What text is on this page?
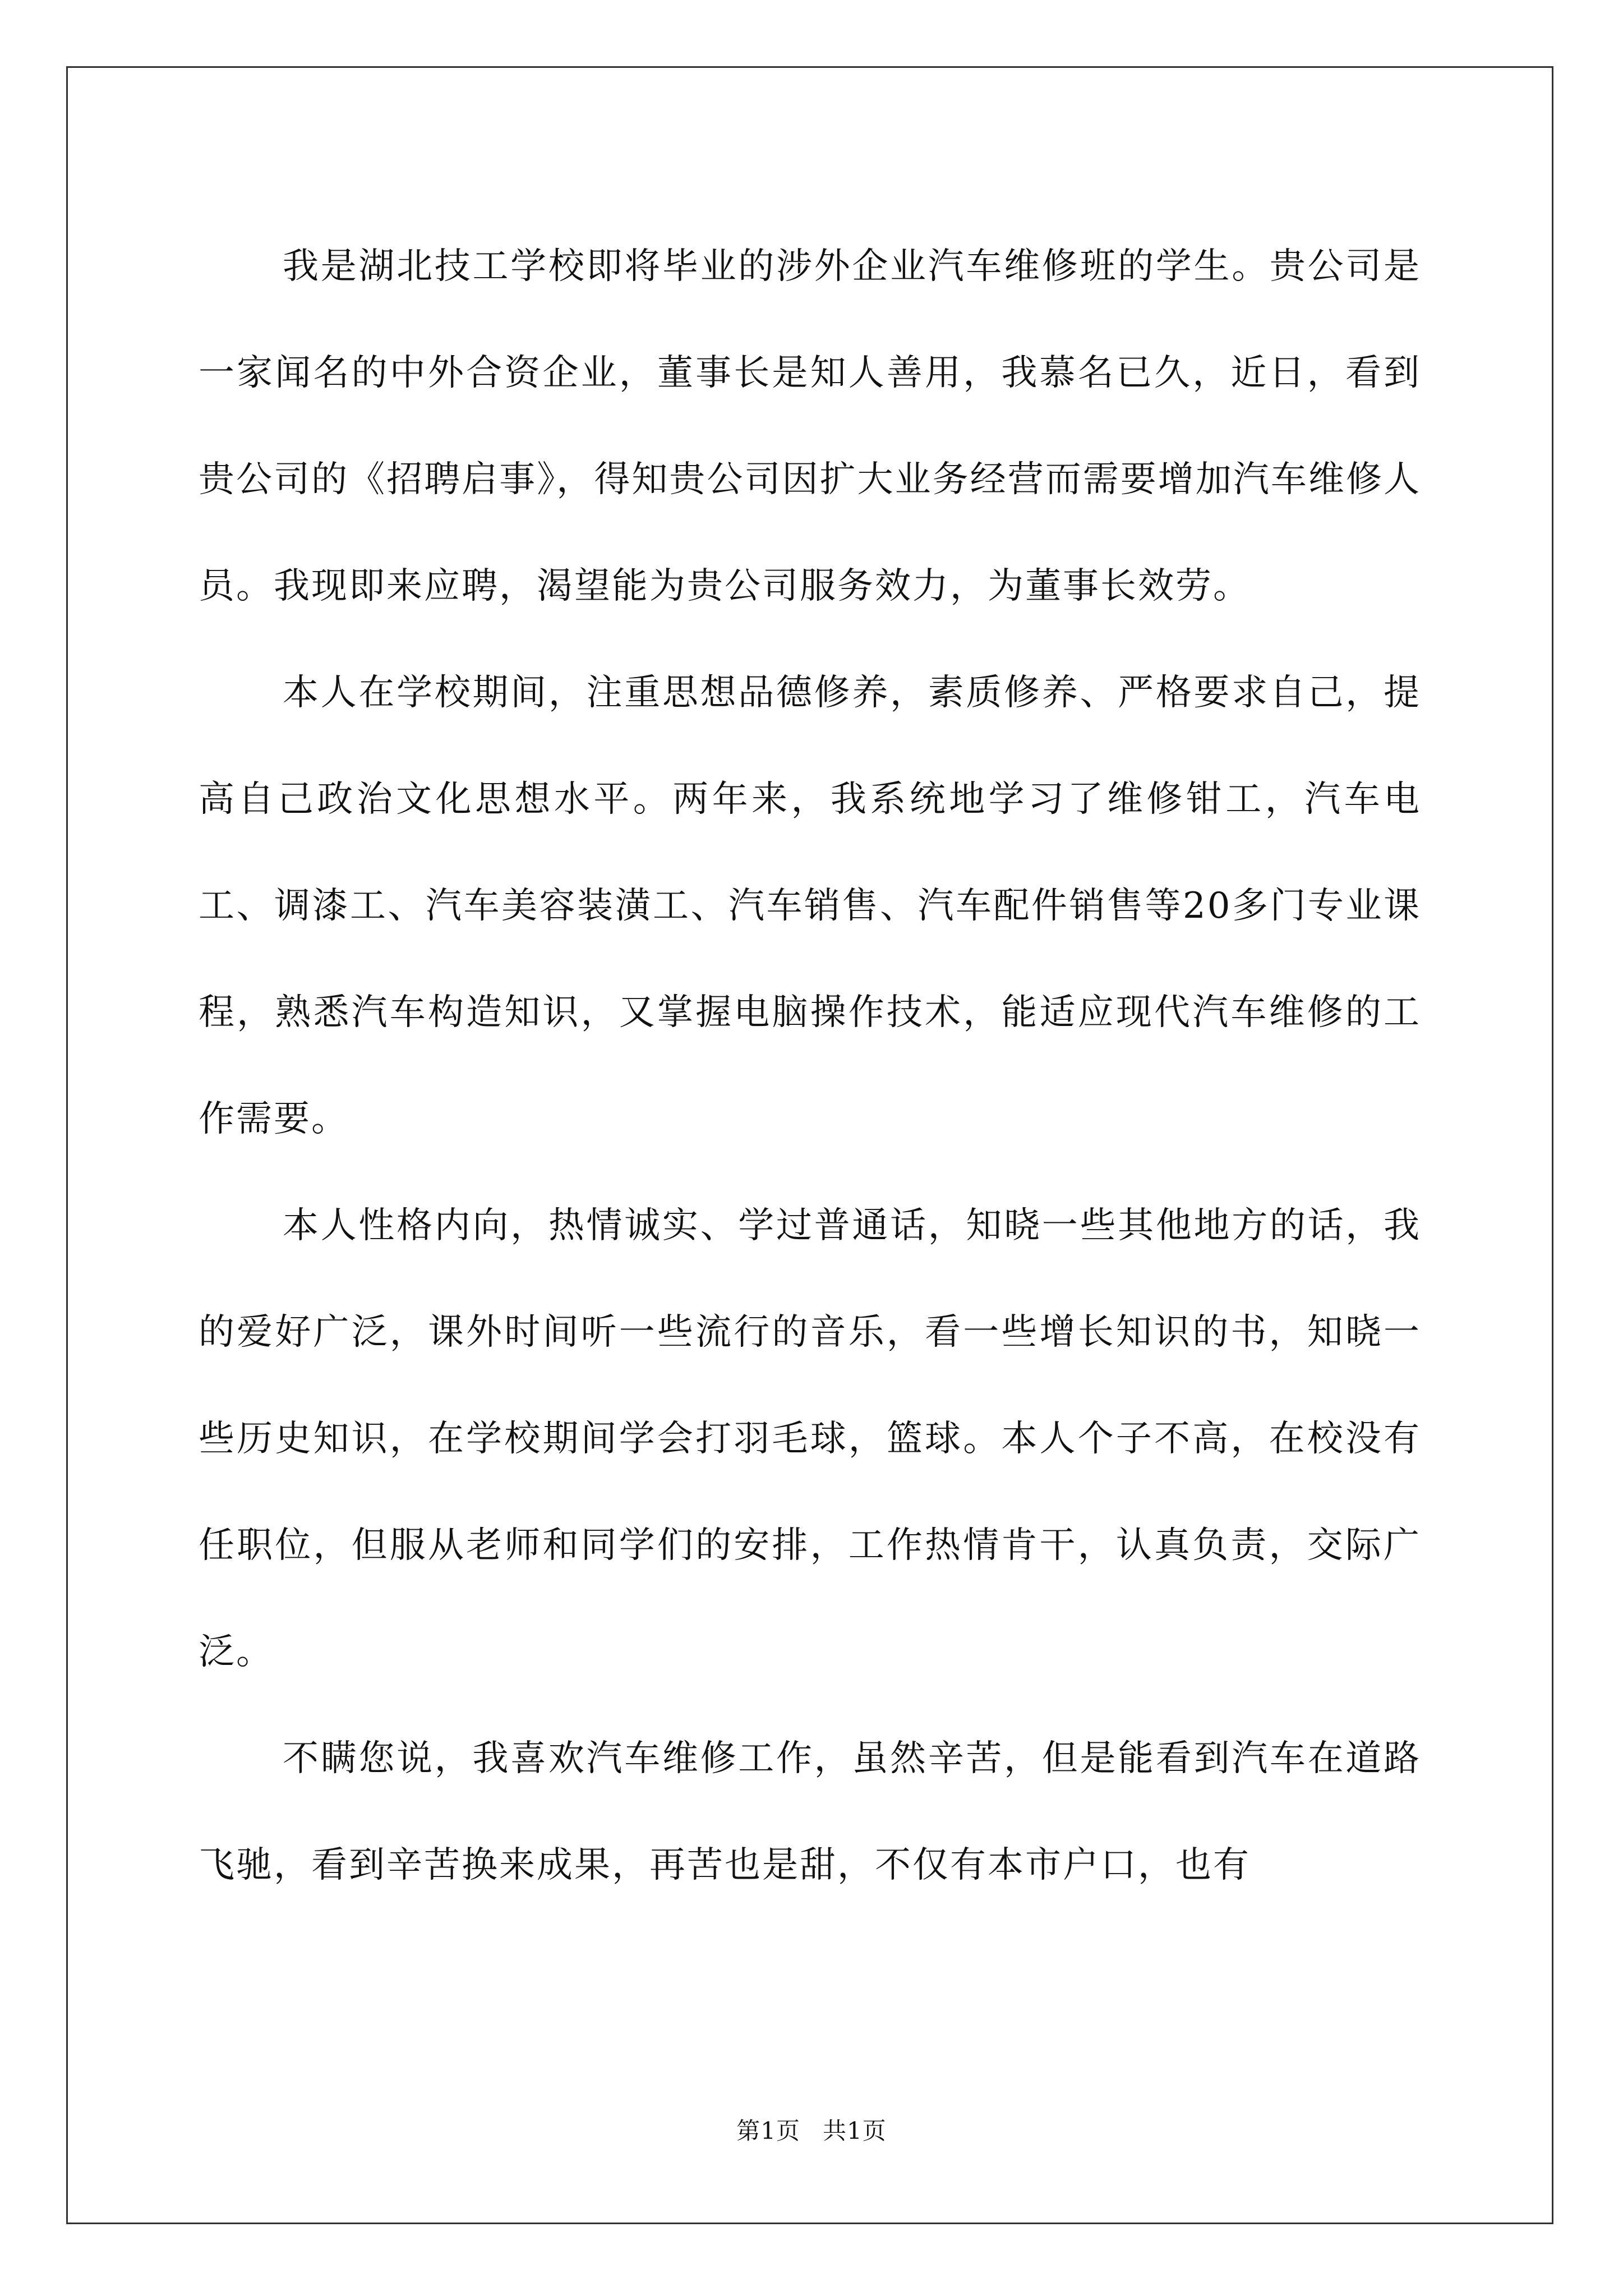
我是湖北技工学校即将毕业的涉外企业汽车维修班的学生。贵公司是一家闻名的中外合资企业，董事长是知人善用，我慕名已久，近日，看到贵公司的《招聘启事》，得知贵公司因扩大业务经营而需要增加汽车维修人员。我现即来应聘，渴望能为贵公司服务效力，为董事长效劳。

本人在学校期间，注重思想品德修养，素质修养、严格要求自己，提高自己政治文化思想水平。两年来，我系统地学习了维修钳工，汽车电工、调漆工、汽车美容装潢工、汽车销售、汽车配件销售等20多门专业课程，熟悉汽车构造知识，又掌握电脑操作技术，能适应现代汽车维修的工作需要。

本人性格内向，热情诚实、学过普通话，知晓一些其他地方的话，我的爱好广泛，课外时间听一些流行的音乐，看一些增长知识的书，知晓一些历史知识，在学校期间学会打羽毛球，篮球。本人个子不高，在校没有任职位，但服从老师和同学们的安排，工作热情肯干，认真负责，交际广泛。

不瞒您说，我喜欢汽车维修工作，虽然辛苦，但是能看到汽车在道路飞驰，看到辛苦换来成果，再苦也是甜，不仅有本市户口，也有

第1页 共1页
